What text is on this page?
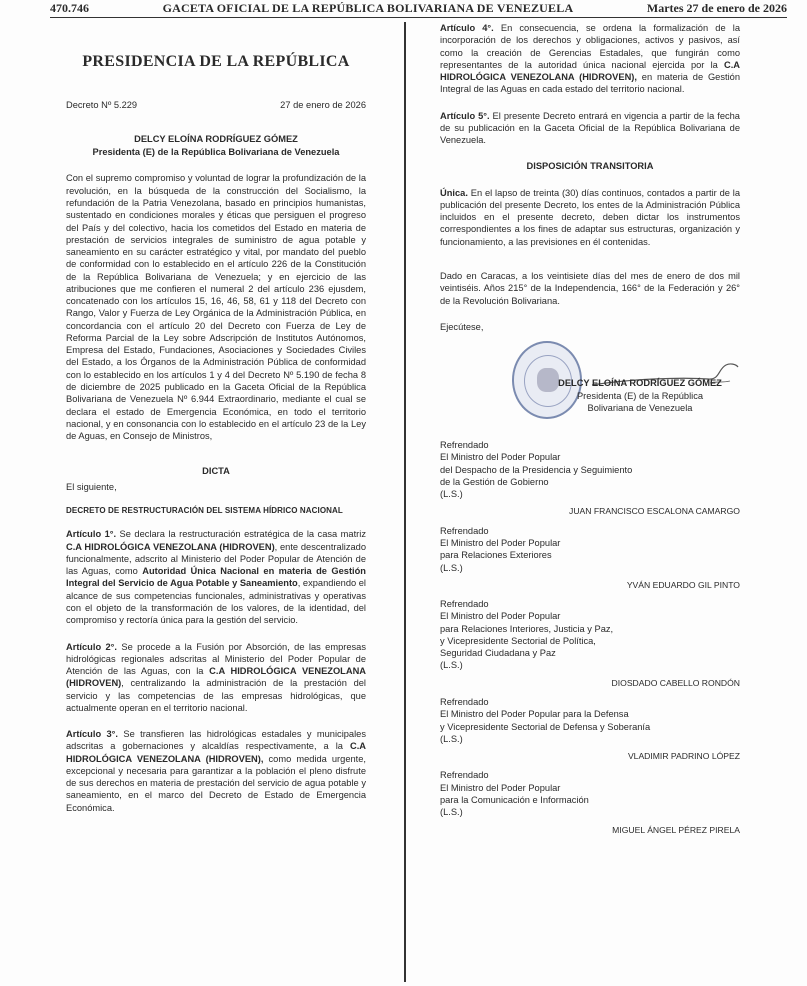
470.746	GACETA OFICIAL DE LA REPÚBLICA BOLIVARIANA DE VENEZUELA	Martes 27 de enero de 2026
PRESIDENCIA DE LA REPÚBLICA
Decreto Nº 5.229	27 de enero de 2026
DELCY ELOÍNA RODRÍGUEZ GÓMEZ
Presidenta (E) de la República Bolivariana de Venezuela

Con el supremo compromiso y voluntad de lograr la profundización de la revolución, en la búsqueda de la construcción del Socialismo, la refundación de la Patria Venezolana, basado en principios humanistas, sustentado en condiciones morales y éticas que persiguen el progreso del País y del colectivo, hacia los cometidos del Estado en materia de prestación de servicios integrales de suministro de agua potable y saneamiento en su carácter estratégico y vital, por mandato del pueblo de conformidad con lo establecido en el artículo 226 de la Constitución de la República Bolivariana de Venezuela; y en ejercicio de las atribuciones que me confieren el numeral 2 del artículo 236 ejusdem, concatenado con los artículos 15, 16, 46, 58, 61 y 118 del Decreto con Rango, Valor y Fuerza de Ley Orgánica de la Administración Pública, en concordancia con el artículo 20 del Decreto con Fuerza de Ley de Reforma Parcial de la Ley sobre Adscripción de Institutos Autónomos, Empresa del Estado, Fundaciones, Asociaciones y Sociedades Civiles del Estado, a los Órganos de la Administración Pública de conformidad con lo establecido en los artículos 1 y 4 del Decreto Nº 5.190 de fecha 8 de diciembre de 2025 publicado en la Gaceta Oficial de la República Bolivariana de Venezuela Nº 6.944 Extraordinario, mediante el cual se declara el estado de Emergencia Económica, en todo el territorio nacional, y en consonancia con lo establecido en el artículo 23 de la Ley de Aguas, en Consejo de Ministros,

DICTA
El siguiente,
DECRETO DE RESTRUCTURACIÓN DEL SISTEMA HÍDRICO NACIONAL

Artículo 1°. Se declara la restructuración estratégica de la casa matriz C.A HIDROLÓGICA VENEZOLANA (HIDROVEN), ente descentralizado funcionalmente, adscrito al Ministerio del Poder Popular de Atención de las Aguas, como Autoridad Única Nacional en materia de Gestión Integral del Servicio de Agua Potable y Saneamiento, expandiendo el alcance de sus competencias funcionales, administrativas y operativas con el objeto de la transformación de los valores, de la identidad, del compromiso y rectoría única para la gestión del servicio.

Artículo 2°. Se procede a la Fusión por Absorción, de las empresas hidrológicas regionales adscritas al Ministerio del Poder Popular de Atención de las Aguas, con la C.A HIDROLÓGICA VENEZOLANA (HIDROVEN), centralizando la administración de la prestación del servicio y las competencias de las empresas hidrológicas, que actualmente operan en el territorio nacional.

Artículo 3°. Se transfieren las hidrológicas estadales y municipales adscritas a gobernaciones y alcaldías respectivamente, a la C.A HIDROLÓGICA VENEZOLANA (HIDROVEN), como medida urgente, excepcional y necesaria para garantizar a la población el pleno disfrute de sus derechos en materia de prestación del servicio de agua potable y saneamiento, en el marco del Decreto de Estado de Emergencia Económica.

Artículo 4°. En consecuencia, se ordena la formalización de la incorporación de los derechos y obligaciones, activos y pasivos, así como la creación de Gerencias Estadales, que fungirán como representantes de la autoridad única nacional ejercida por la C.A HIDROLÓGICA VENEZOLANA (HIDROVEN), en materia de Gestión Integral de las Aguas en cada estado del territorio nacional.

Artículo 5°. El presente Decreto entrará en vigencia a partir de la fecha de su publicación en la Gaceta Oficial de la República Bolivariana de Venezuela.

DISPOSICIÓN TRANSITORIA

Única. En el lapso de treinta (30) días continuos, contados a partir de la publicación del presente Decreto, los entes de la Administración Pública incluidos en el presente decreto, deben dictar los instrumentos correspondientes a los fines de adaptar sus estructuras, organización y funcionamiento, a las previsiones en él contenidas.

Dado en Caracas, a los veintisiete días del mes de enero de dos mil veintiséis. Años 215° de la Independencia, 166° de la Federación y 26° de la Revolución Bolivariana.

Ejecútese,
DELCY ELOÍNA RODRÍGUEZ GÓMEZ
Presidenta (E) de la República
Bolivariana de Venezuela
Refrendado
El Ministro del Poder Popular
del Despacho de la Presidencia y Seguimiento
de la Gestión de Gobierno
(L.S.)
JUAN FRANCISCO ESCALONA CAMARGO
Refrendado
El Ministro del Poder Popular
para Relaciones Exteriores
(L.S.)
YVÁN EDUARDO GIL PINTO
Refrendado
El Ministro del Poder Popular
para Relaciones Interiores, Justicia y Paz,
y Vicepresidente Sectorial de Política,
Seguridad Ciudadana y Paz
(L.S.)
DIOSDADO CABELLO RONDÓN
Refrendado
El Ministro del Poder Popular para la Defensa
y Vicepresidente Sectorial de Defensa y Soberanía
(L.S.)
VLADIMIR PADRINO LÓPEZ
Refrendado
El Ministro del Poder Popular
para la Comunicación e Información
(L.S.)
MIGUEL ÁNGEL PÉREZ PIRELA
